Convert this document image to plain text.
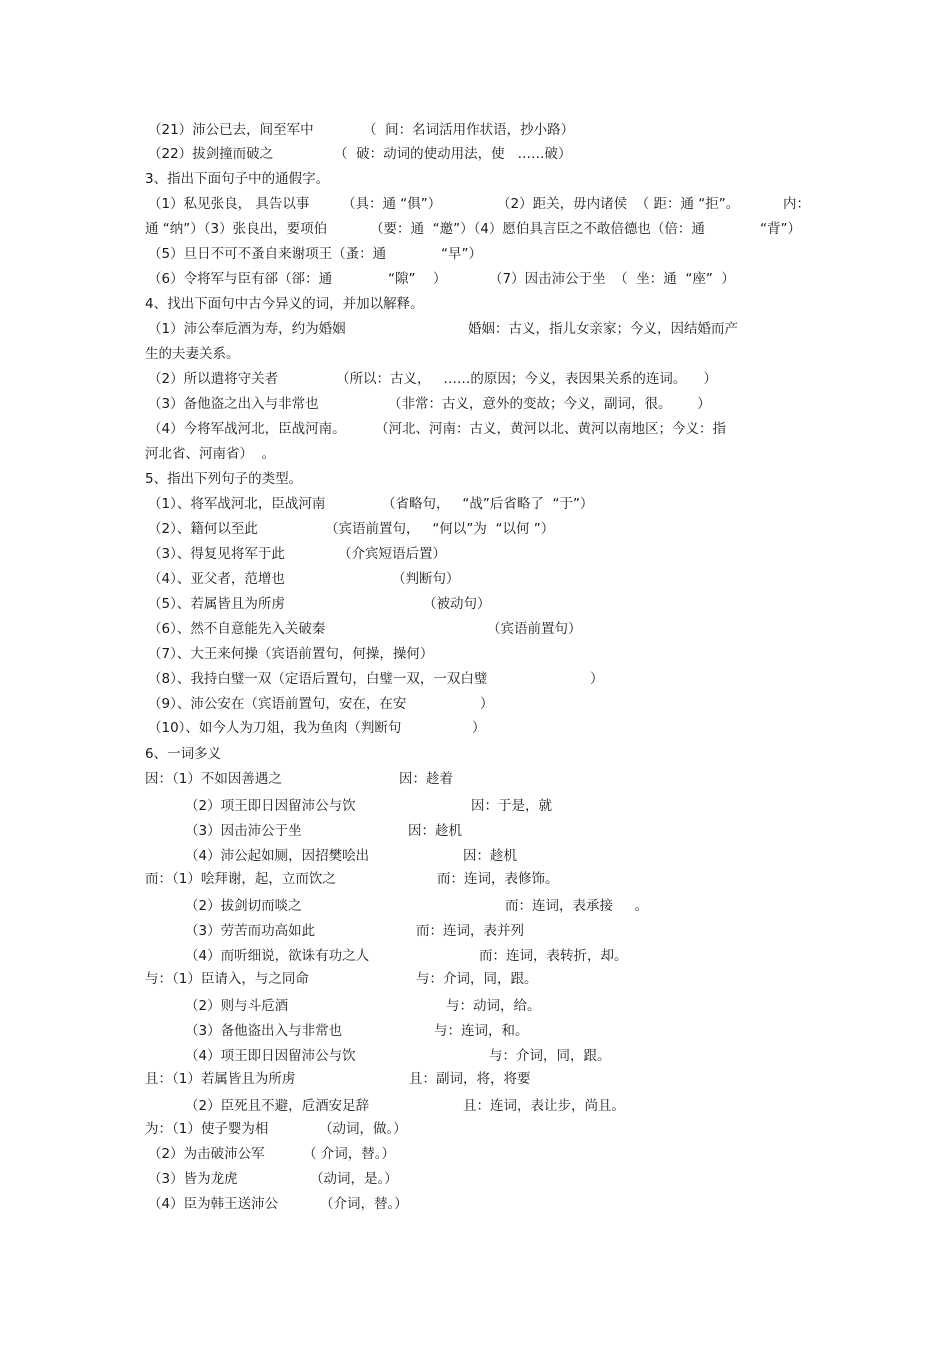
（21）沛公已去，间至军中	（  间：名词活用作状语，抄小路）
（22）拔剑撞而破之	（  破：动词的使动用法，使   ……破）
3、指出下面句子中的通假字。
（1）私见张良， 具告以事 （具：通 “俱”）	（2）距关，毋内诸侯  （ 距：通 “拒”。	内：
通 “纳”）（3）张良出，要项伯	（要：通  “邀”）（4）愿伯具言臣之不敢倍德也（倍：通	“背”）
（5）旦日不可不蚤自来谢项王（蚤：通	“早”）
（6）令将军与臣有郤（郤：通	“隙” ）	（7）因击沛公于坐  （  坐：通  “座”  ）
4、找出下面句中古今异义的词，并加以解释。
（1）沛公奉卮酒为寿，约为婚姻	婚姻：古义，指儿女亲家；今义，因结婚而产
生的夫妻关系。
（2）所以遣将守关者	（所以：古义，   ……的原因；今义，表因果关系的连词。    ）
（3）备他盗之出入与非常也	（非常：古义，意外的变故；今义，副词，很。      ）
（4）今将军战河北，臣战河南。 （河北、河南：古义，黄河以北、黄河以南地区；今义：指
河北省、河南省）  。
5、指出下列句子的类型。
（1）、将军战河北，臣战河南	（省略句，   “战”后省略了  “于”）
（2）、籍何以至此	（宾语前置句，   “何以”为  “以何 ”）
（3）、得复见将军于此	（介宾短语后置）
（4）、亚父者，范增也	（判断句）
（5）、若属皆且为所虏	（被动句）
（6）、然不自意能先入关破秦	（宾语前置句）
（7）、大王来何操（宾语前置句，何操，操何）
（8）、我持白璧一双（定语后置句，白璧一双，一双白璧	）
（9）、沛公安在（宾语前置句，安在，在安	）
（10）、如今人为刀俎，我为鱼肉（判断句	）
6、一词多义
因：（1）不如因善遇之	因：趁着
（2）项王即日因留沛公与饮	因：于是，就
（3）因击沛公于坐	因：趁机
（4）沛公起如厕，因招樊哙出	因：趁机
而：（1）哙拜谢，起，立而饮之	而：连词，表修饰。
（2）拔剑切而啖之	而：连词，表承接     。
（3）劳苦而功高如此	而：连词，表并列
（4）而听细说，欲诛有功之人	而：连词，表转折，却。
与：（1）臣请入，与之同命	与：介词，同，跟。
（2）则与斗卮酒	与：动词，给。
（3）备他盗出入与非常也	与：连词，和。
（4）项王即日因留沛公与饮	与：介词，同，跟。
且：（1）若属皆且为所虏	且：副词，将，将要
（2）臣死且不避，卮酒安足辞	且：连词，表让步，尚且。
为：（1）使子婴为相	（动词，做。）
（2）为击破沛公军	（ 介词，替。）
（3）皆为龙虎	（动词，是。）
（4）臣为韩王送沛公	（介词，替。）
